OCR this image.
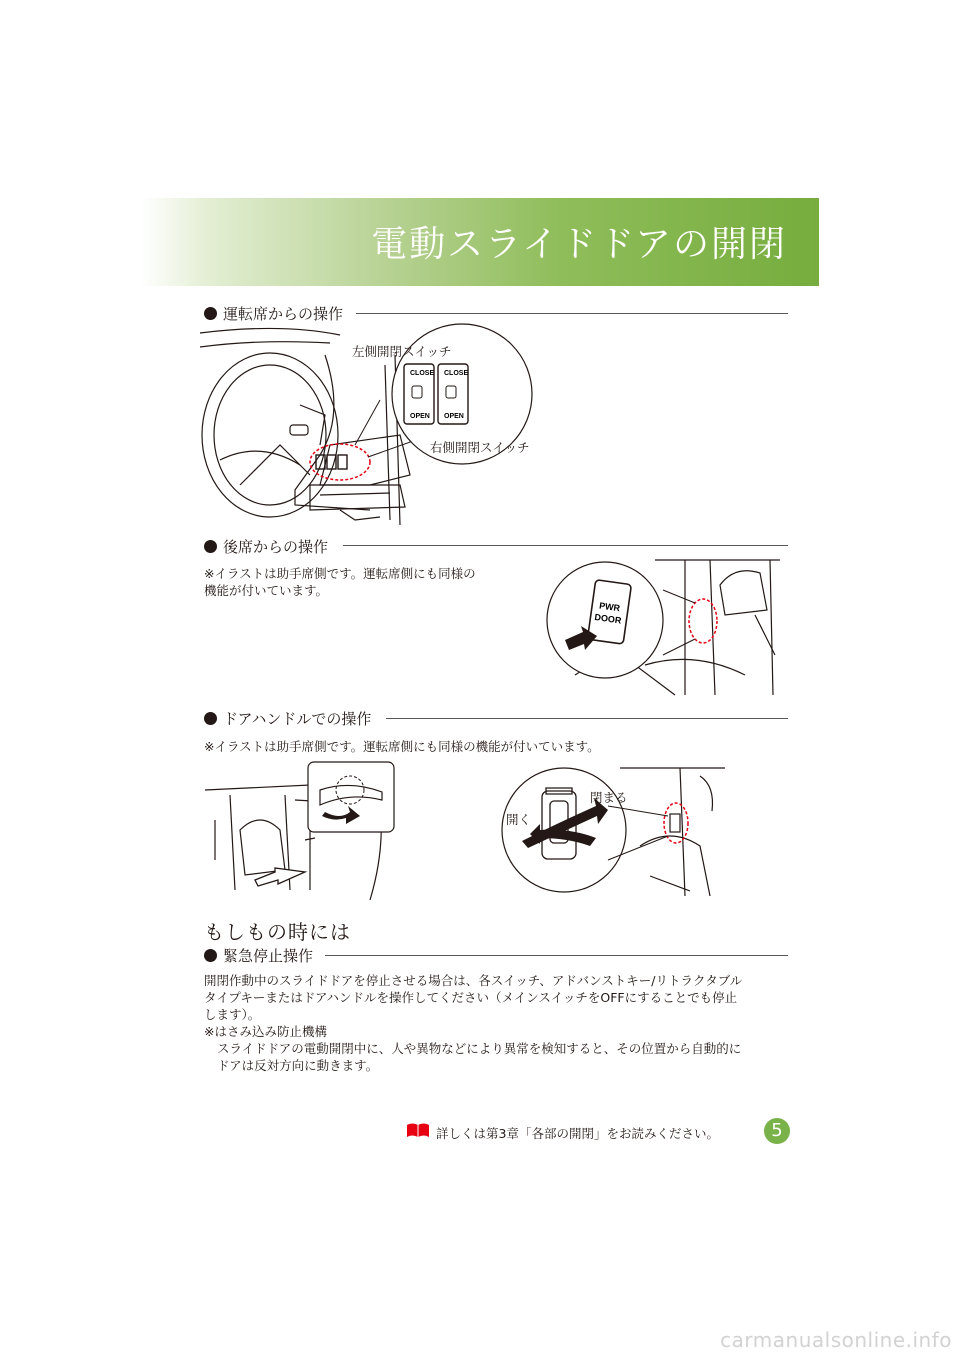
電動スライドドアの開閉
運転席からの操作
CLOSE CLOSE
OPEN OPEN
左側開閉スイッチ
右側開閉スイッチ
後席からの操作
※イラストは助手席側です。運転席側にも同様の
機能が付いています。
PWR
DOOR
ドアハンドルでの操作
※イラストは助手席側です。運転席側にも同様の機能が付いています。
閉まる
開く
もしもの時には
緊急停止操作
開閉作動中のスライドドアを停止させる場合は、各スイッチ、アドバンストキー/リトラクタブル
タイプキーまたはドアハンドルを操作してください（メインスイッチをOFFにすることでも停止
します）。
※はさみ込み防止機構
スライドドアの電動開閉中に、人や異物などにより異常を検知すると、その位置から自動的に
ドアは反対方向に動きます。
詳しくは第3章「各部の開閉」をお読みください。	5
carmanualsonline.info
